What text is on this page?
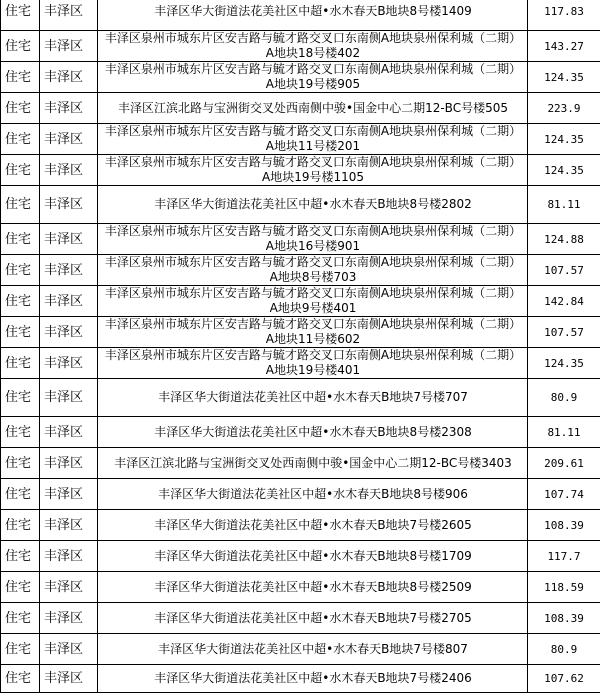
住宅	丰泽区	丰泽区华大街道法花美社区中超•水木春天B地块8号楼1409	117.83
住宅	丰泽区	丰泽区泉州市城东片区安吉路与毓才路交叉口东南侧A地块泉州保利城（二期）A地块18号楼402	143.27
住宅	丰泽区	丰泽区泉州市城东片区安吉路与毓才路交叉口东南侧A地块泉州保利城（二期）A地块19号楼905	124.35
住宅	丰泽区	丰泽区江滨北路与宝洲街交叉处西南侧中骏•国金中心二期12-BC号楼505	223.9
住宅	丰泽区	丰泽区泉州市城东片区安吉路与毓才路交叉口东南侧A地块泉州保利城（二期）A地块11号楼201	124.35
住宅	丰泽区	丰泽区泉州市城东片区安吉路与毓才路交叉口东南侧A地块泉州保利城（二期）A地块19号楼1105	124.35
住宅	丰泽区	丰泽区华大街道法花美社区中超•水木春天B地块8号楼2802	81.11
住宅	丰泽区	丰泽区泉州市城东片区安吉路与毓才路交叉口东南侧A地块泉州保利城（二期）A地块16号楼901	124.88
住宅	丰泽区	丰泽区泉州市城东片区安吉路与毓才路交叉口东南侧A地块泉州保利城（二期）A地块8号楼703	107.57
住宅	丰泽区	丰泽区泉州市城东片区安吉路与毓才路交叉口东南侧A地块泉州保利城（二期）A地块9号楼401	142.84
住宅	丰泽区	丰泽区泉州市城东片区安吉路与毓才路交叉口东南侧A地块泉州保利城（二期）A地块11号楼602	107.57
住宅	丰泽区	丰泽区泉州市城东片区安吉路与毓才路交叉口东南侧A地块泉州保利城（二期）A地块19号楼401	124.35
住宅	丰泽区	丰泽区华大街道法花美社区中超•水木春天B地块7号楼707	80.9
住宅	丰泽区	丰泽区华大街道法花美社区中超•水木春天B地块8号楼2308	81.11
住宅	丰泽区	丰泽区江滨北路与宝洲街交叉处西南侧中骏•国金中心二期12-BC号楼3403	209.61
住宅	丰泽区	丰泽区华大街道法花美社区中超•水木春天B地块8号楼906	107.74
住宅	丰泽区	丰泽区华大街道法花美社区中超•水木春天B地块7号楼2605	108.39
住宅	丰泽区	丰泽区华大街道法花美社区中超•水木春天B地块8号楼1709	117.7
住宅	丰泽区	丰泽区华大街道法花美社区中超•水木春天B地块8号楼2509	118.59
住宅	丰泽区	丰泽区华大街道法花美社区中超•水木春天B地块7号楼2705	108.39
住宅	丰泽区	丰泽区华大街道法花美社区中超•水木春天B地块7号楼807	80.9
住宅	丰泽区	丰泽区华大街道法花美社区中超•水木春天B地块7号楼2406	107.62
